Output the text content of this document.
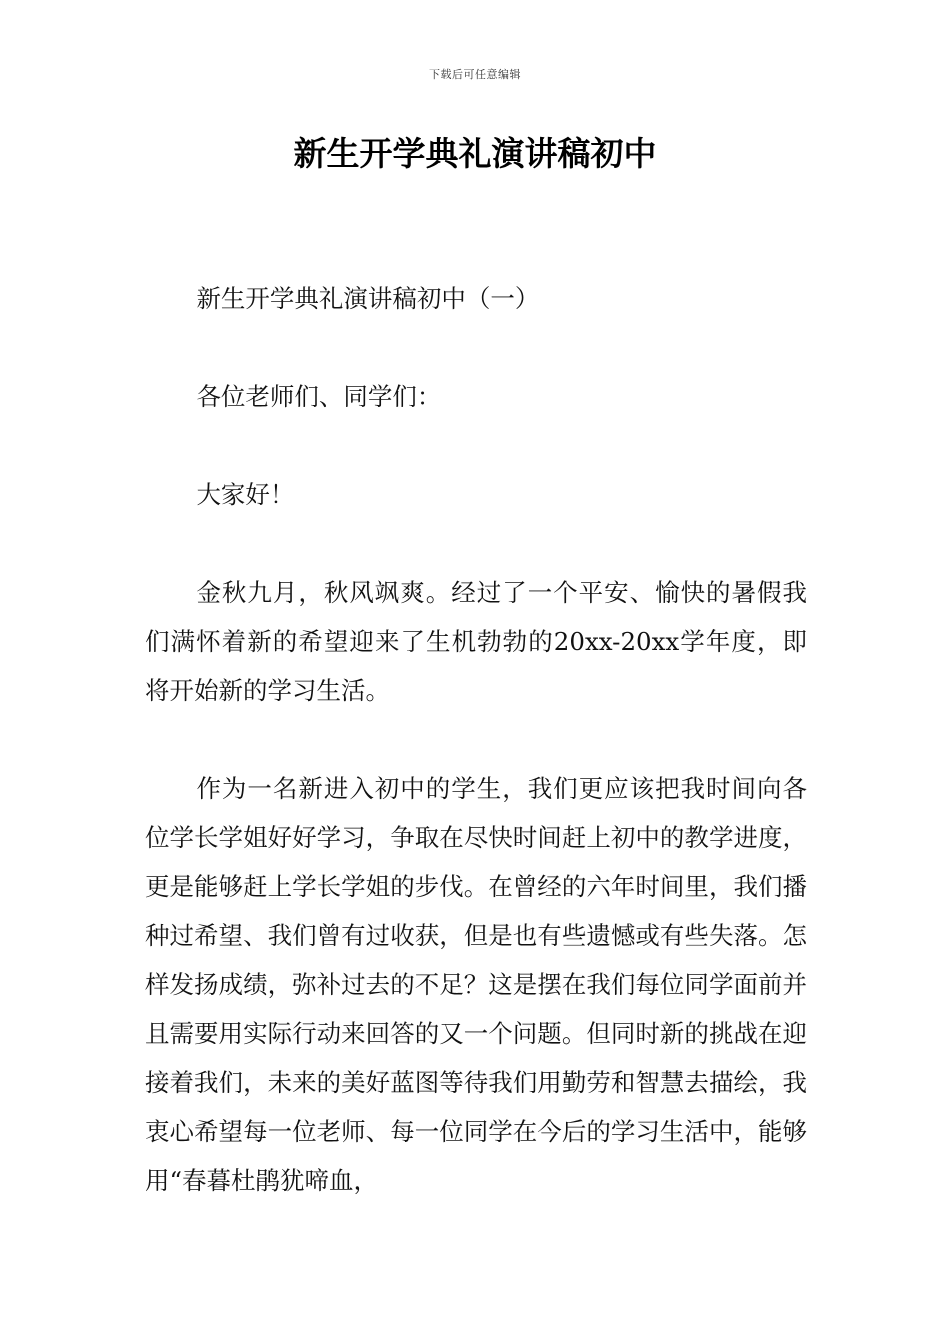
下载后可任意编辑
新生开学典礼演讲稿初中

新生开学典礼演讲稿初中（一）

各位老师们、同学们：

大家好！

金秋九月，秋风飒爽。经过了一个平安、愉快的暑假我们满怀着新的希望迎来了生机勃勃的20xx-20xx学年度，即将开始新的学习生活。

作为一名新进入初中的学生，我们更应该把我时间向各位学长学姐好好学习，争取在尽快时间赶上初中的教学进度，更是能够赶上学长学姐的步伐。在曾经的六年时间里，我们播种过希望、我们曾有过收获，但是也有些遗憾或有些失落。怎样发扬成绩，弥补过去的不足？这是摆在我们每位同学面前并且需要用实际行动来回答的又一个问题。但同时新的挑战在迎接着我们，未来的美好蓝图等待我们用勤劳和智慧去描绘，我衷心希望每一位老师、每一位同学在今后的学习生活中，能够用“春暮杜鹃犹啼血，
